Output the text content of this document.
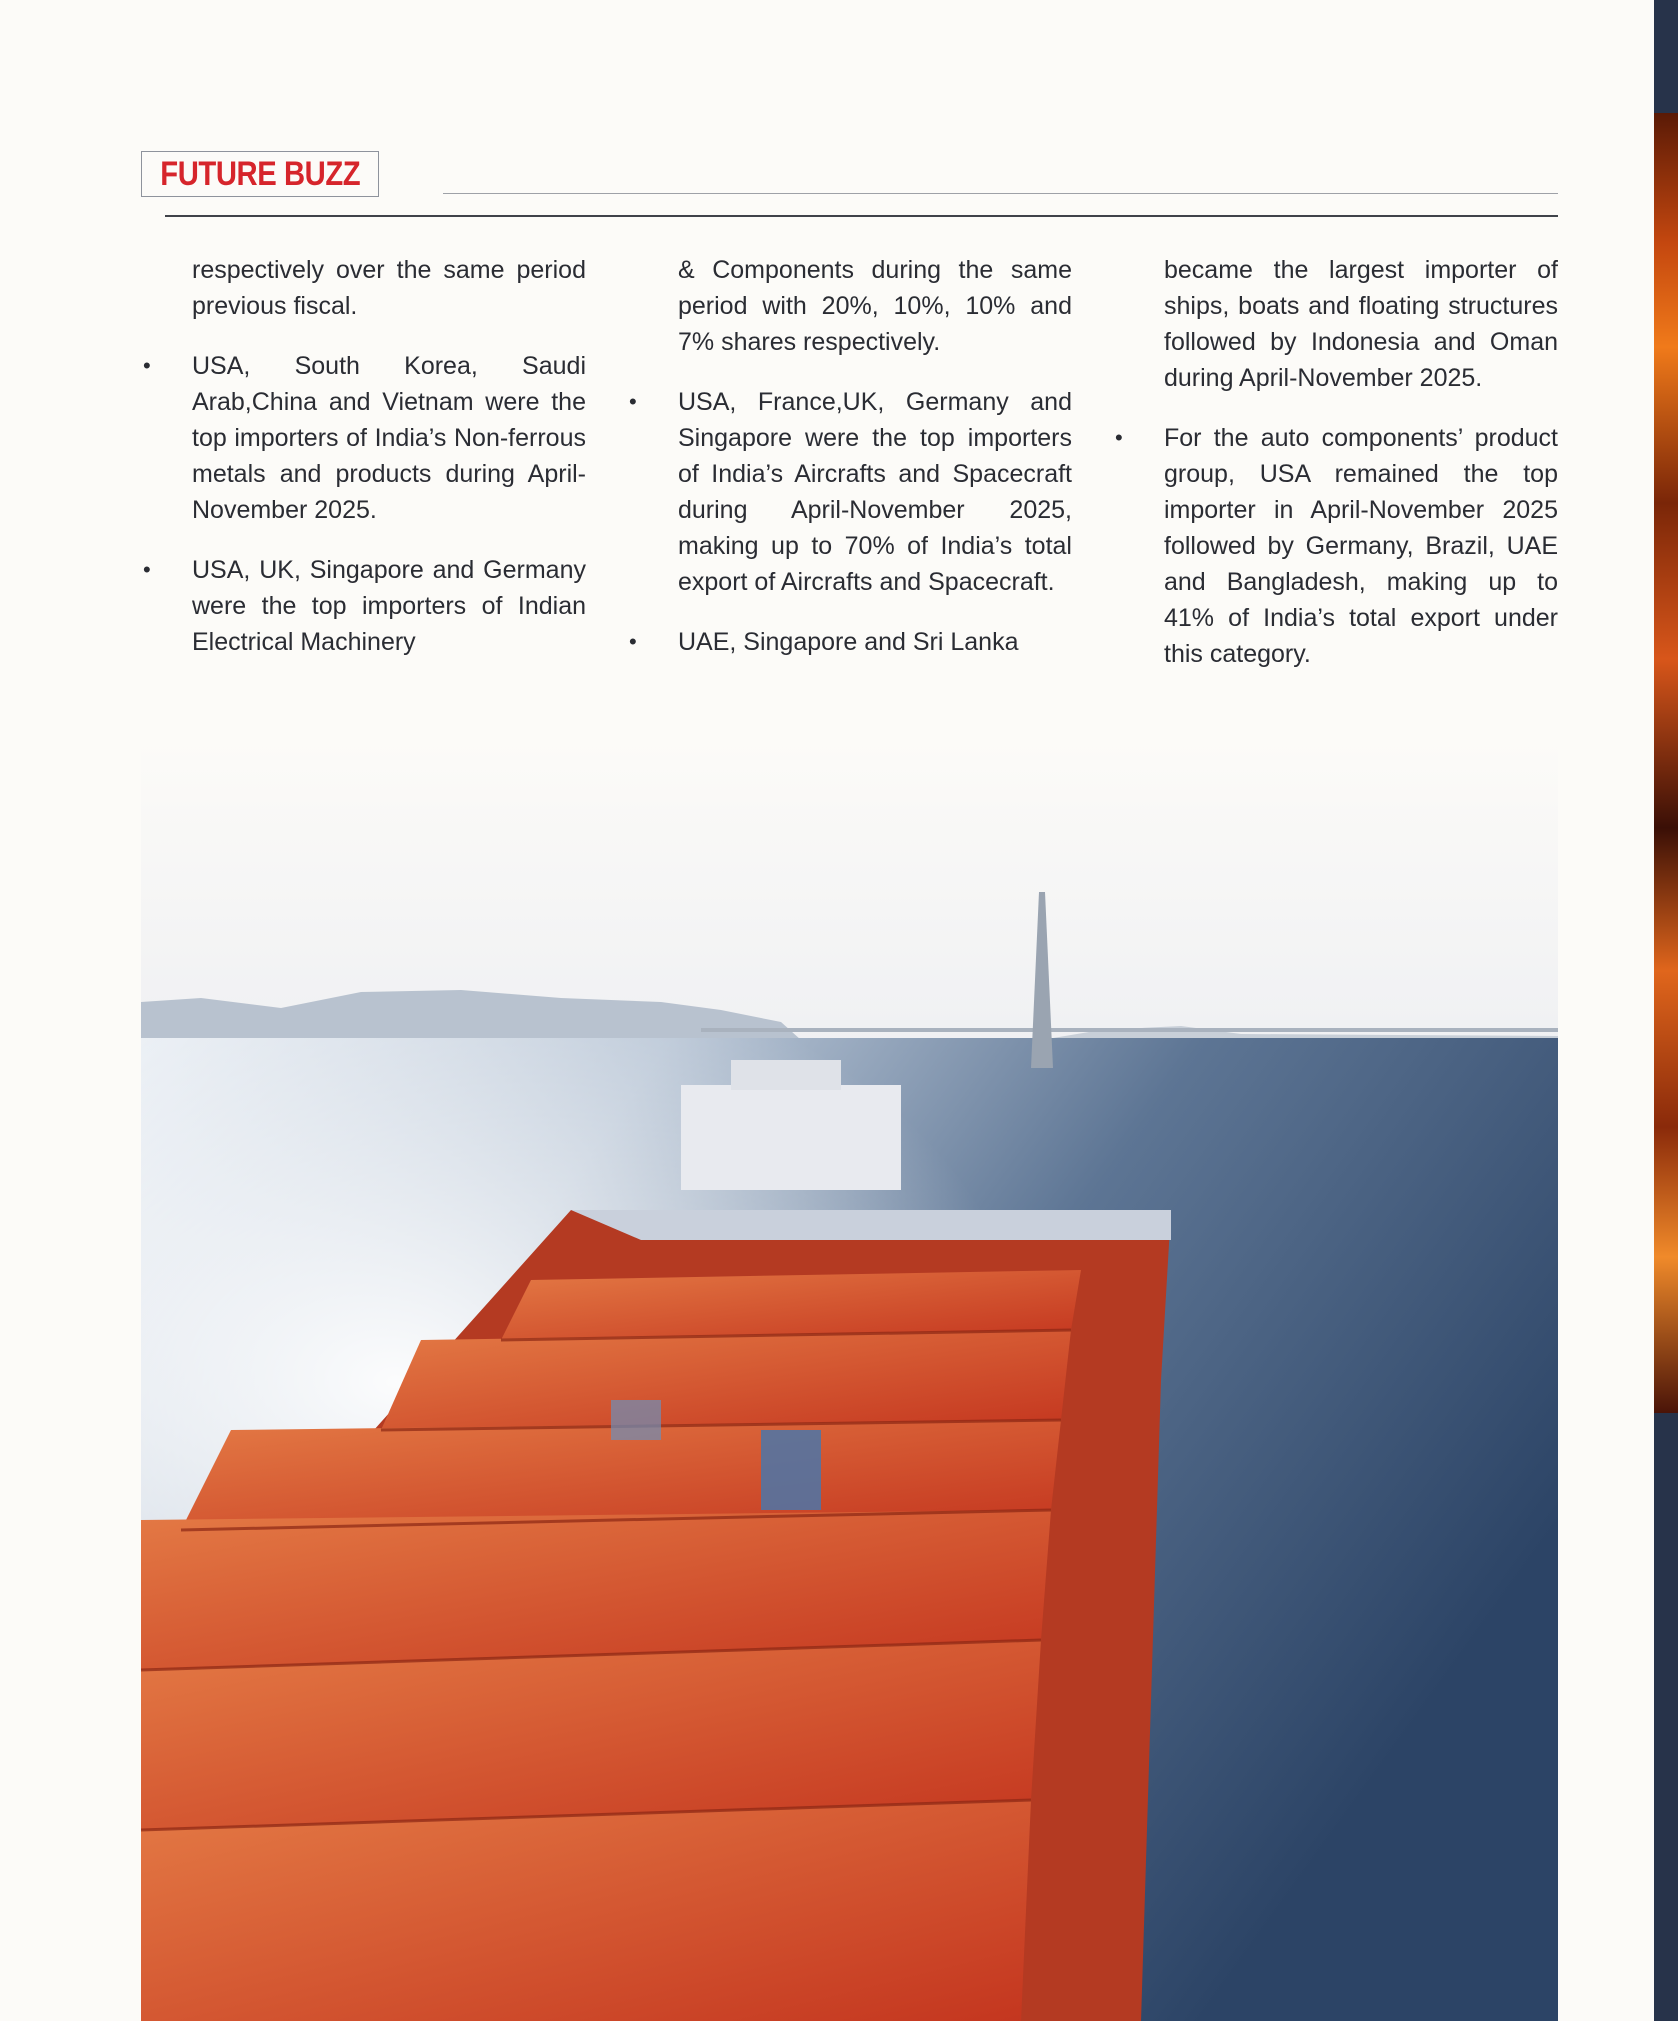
FUTURE BUZZ

respectively over the same period previous fiscal.

• USA, South Korea, Saudi Arab,China and Vietnam were the top importers of India’s Non-ferrous metals and products during April-November 2025.

• USA, UK, Singapore and Germany were the top importers of Indian Electrical Machinery

& Components during the same period with 20%, 10%, 10% and 7% shares respectively.

• USA, France,UK, Germany and Singapore were the top importers of India’s Aircrafts and Spacecraft during April-November 2025, making up to 70% of India’s total export of Aircrafts and Spacecraft.

• UAE, Singapore and Sri Lanka

became the largest importer of ships, boats and floating structures followed by Indonesia and Oman during April-November 2025.

• For the auto components’ product group, USA remained the top importer in April-November 2025 followed by Germany, Brazil, UAE and Bangladesh, making up to 41% of India’s total export under this category.
